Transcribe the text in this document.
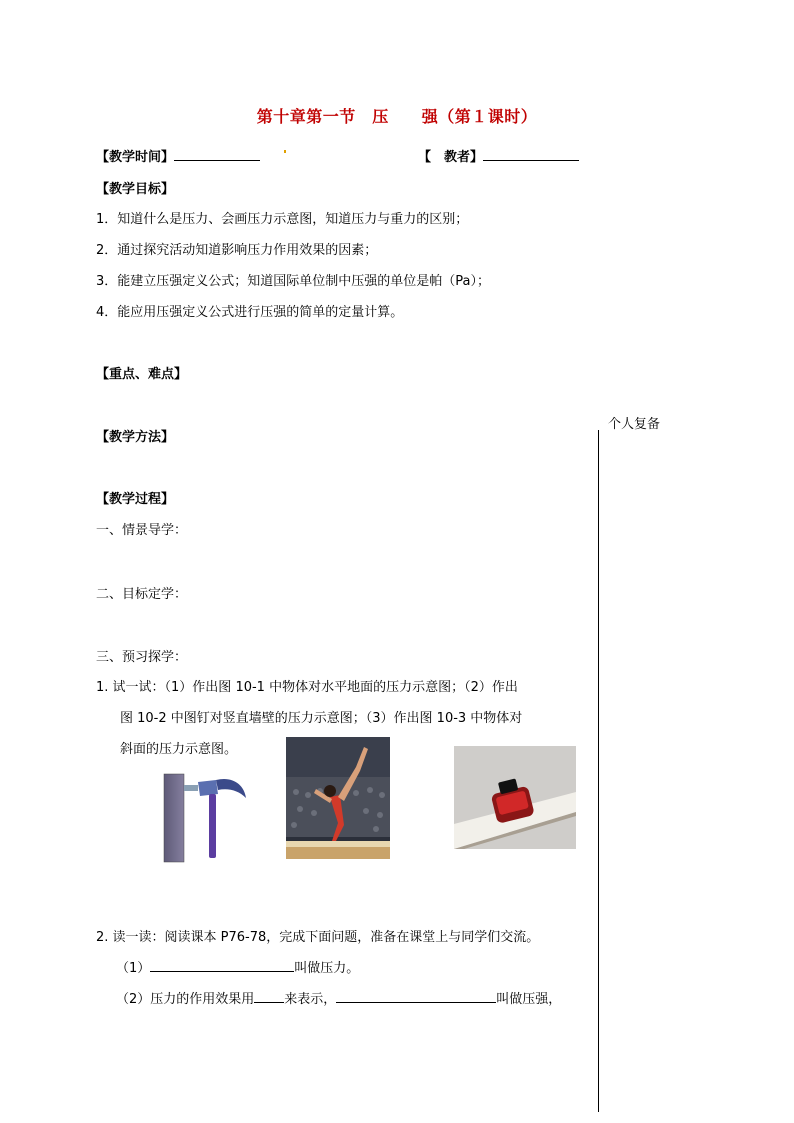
第十章第一节　压　　强（第１课时）
【教学时间】	【　教者】
【教学目标】
1．知道什么是压力、会画压力示意图，知道压力与重力的区别；
2．通过探究活动知道影响压力作用效果的因素；
3．能建立压强定义公式；知道国际单位制中压强的单位是帕（Pa）；
4．能应用压强定义公式进行压强的简单的定量计算。
【重点、难点】
【教学方法】
个人复备
【教学过程】
一、情景导学：
二、目标定学：
三、预习探学：
1. 试一试：（1）作出图 10-1 中物体对水平地面的压力示意图；（2）作出
图 10-2 中图钉对竖直墙壁的压力示意图；（3）作出图 10-3 中物体对
斜面的压力示意图。
2. 读一读：阅读课本 P76-78，完成下面问题，准备在课堂上与同学们交流。
（1）	叫做压力。
（2）压力的作用效果用 来表示，	叫做压强，
